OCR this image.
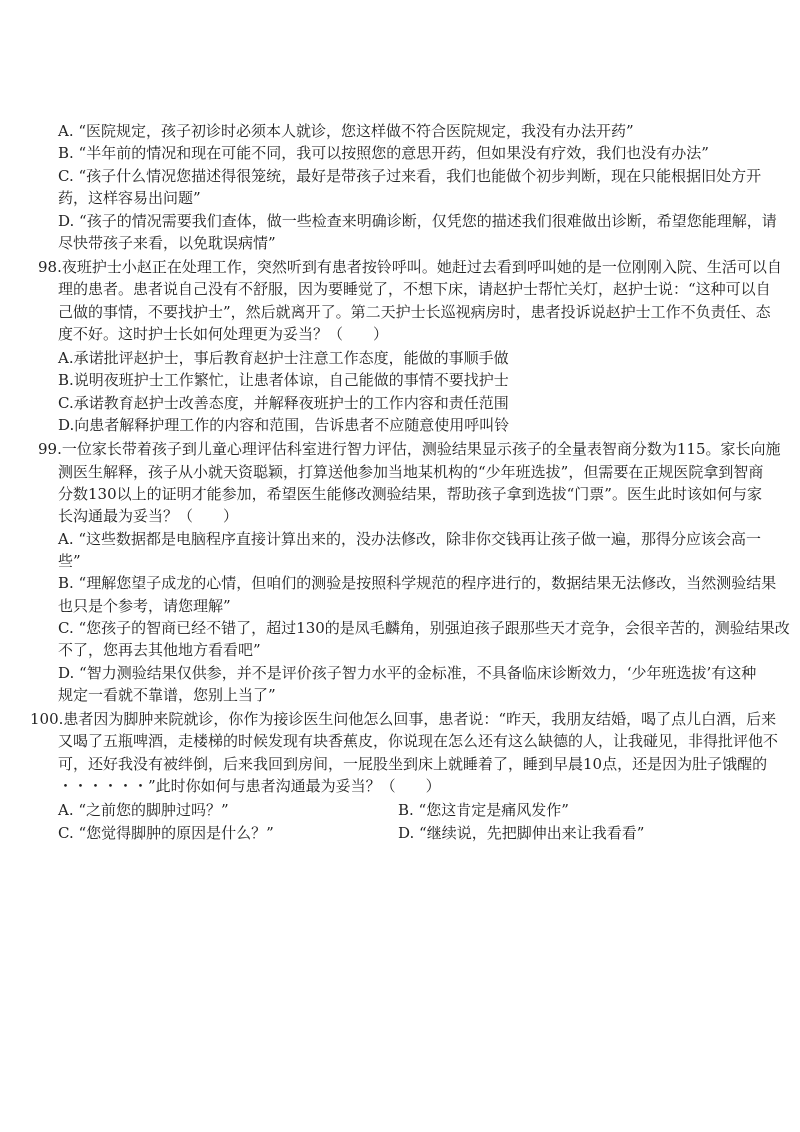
A. “医院规定，孩子初诊时必须本人就诊，您这样做不符合医院规定，我没有办法开药”
B. “半年前的情况和现在可能不同，我可以按照您的意思开药，但如果没有疗效，我们也没有办法”
C. “孩子什么情况您描述得很笼统，最好是带孩子过来看，我们也能做个初步判断，现在只能根据旧处方开
药，这样容易出问题”
D. “孩子的情况需要我们查体，做一些检查来明确诊断，仅凭您的描述我们很难做出诊断，希望您能理解，请
尽快带孩子来看，以免耽误病情”
98.夜班护士小赵正在处理工作，突然听到有患者按铃呼叫。她赶过去看到呼叫她的是一位刚刚入院、生活可以自
理的患者。患者说自己没有不舒服，因为要睡觉了，不想下床，请赵护士帮忙关灯，赵护士说：“这种可以自
己做的事情，不要找护士”，然后就离开了。第二天护士长巡视病房时，患者投诉说赵护士工作不负责任、态
度不好。这时护士长如何处理更为妥当？（　　）
A.承诺批评赵护士，事后教育赵护士注意工作态度，能做的事顺手做
B.说明夜班护士工作繁忙，让患者体谅，自己能做的事情不要找护士
C.承诺教育赵护士改善态度，并解释夜班护士的工作内容和责任范围
D.向患者解释护理工作的内容和范围，告诉患者不应随意使用呼叫铃
99.一位家长带着孩子到儿童心理评估科室进行智力评估，测验结果显示孩子的全量表智商分数为115。家长向施
测医生解释，孩子从小就天资聪颖，打算送他参加当地某机构的“少年班选拔”，但需要在正规医院拿到智商
分数130以上的证明才能参加，希望医生能修改测验结果，帮助孩子拿到选拔“门票”。医生此时该如何与家
长沟通最为妥当？（　　）
A. “这些数据都是电脑程序直接计算出来的，没办法修改，除非你交钱再让孩子做一遍，那得分应该会高一
些”
B. “理解您望子成龙的心情，但咱们的测验是按照科学规范的程序进行的，数据结果无法修改，当然测验结果
也只是个参考，请您理解”
C. “您孩子的智商已经不错了，超过130的是凤毛麟角，别强迫孩子跟那些天才竞争，会很辛苦的，测验结果改
不了，您再去其他地方看看吧”
D. “智力测验结果仅供参，并不是评价孩子智力水平的金标准，不具备临床诊断效力，‘少年班选拔’有这种
规定一看就不靠谱，您别上当了”
100.患者因为脚肿来院就诊，你作为接诊医生问他怎么回事，患者说：“昨天，我朋友结婚，喝了点儿白酒，后来
又喝了五瓶啤酒，走楼梯的时候发现有块香蕉皮，你说现在怎么还有这么缺德的人，让我碰见，非得批评他不
可，还好我没有被绊倒，后来我回到房间，一屁股坐到床上就睡着了，睡到早晨10点，还是因为肚子饿醒的
・・・・・・”此时你如何与患者沟通最为妥当？（　　）
A. “之前您的脚肿过吗？”	B. “您这肯定是痛风发作”
C. “您觉得脚肿的原因是什么？”	D. “继续说，先把脚伸出来让我看看”
